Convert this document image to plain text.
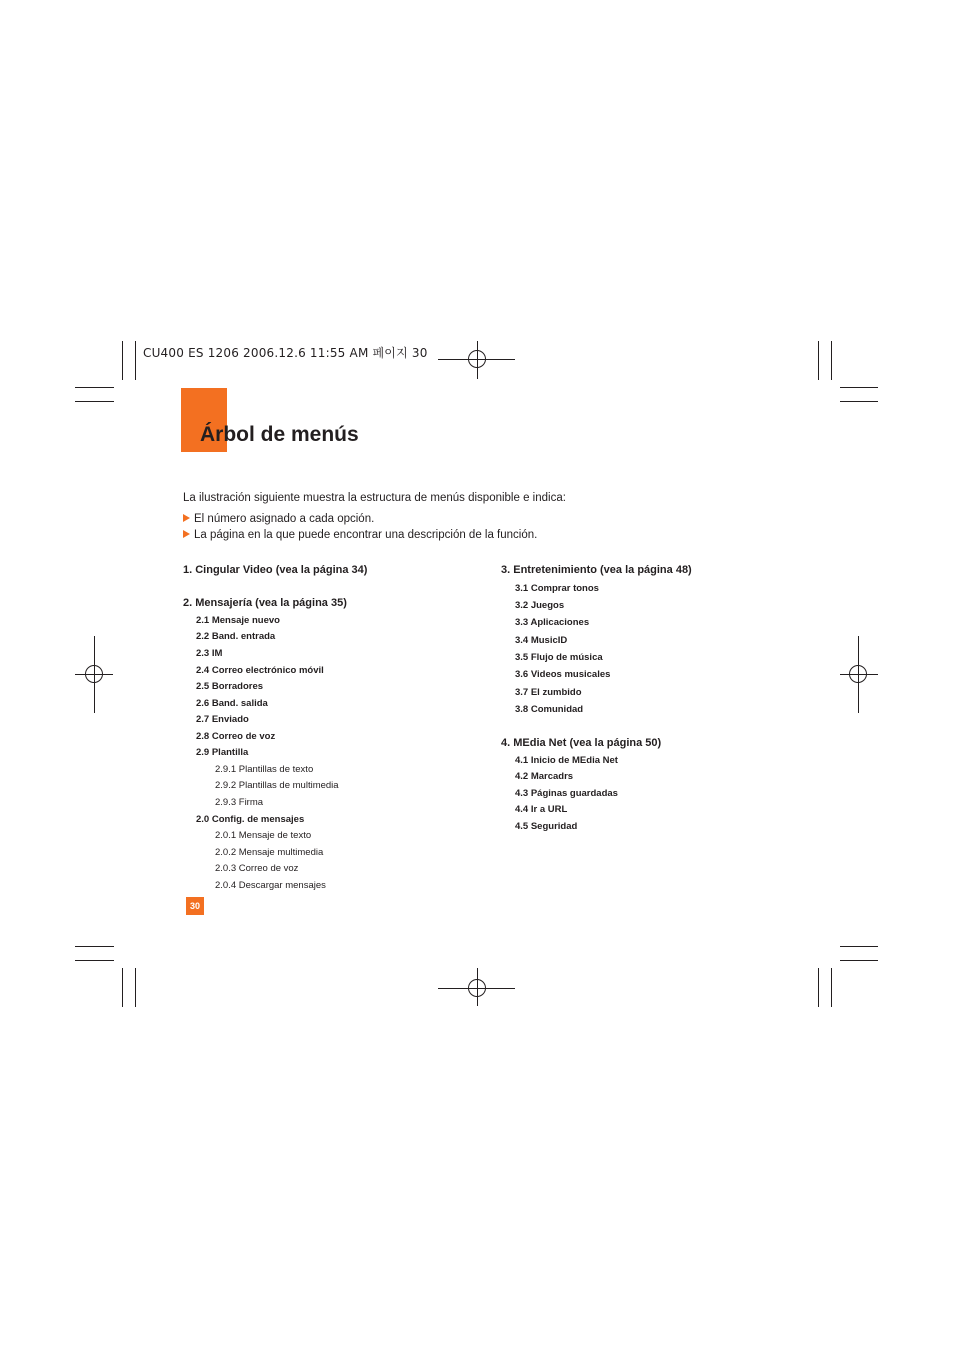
CU400 ES 1206 2006.12.6 11:55 AM 페이지 30
Árbol de menús
La ilustración siguiente muestra la estructura de menús disponible e indica:
El número asignado a cada opción.
La página en la que puede encontrar una descripción de la función.
1. Cingular Video (vea la página 34)
2. Mensajería (vea la página 35)
2.1 Mensaje nuevo
2.2 Band. entrada
2.3 IM
2.4 Correo electrónico móvil
2.5 Borradores
2.6 Band. salida
2.7 Enviado
2.8 Correo de voz
2.9 Plantilla
2.9.1 Plantillas de texto
2.9.2 Plantillas de multimedia
2.9.3 Firma
2.0 Config. de mensajes
2.0.1 Mensaje de texto
2.0.2 Mensaje multimedia
2.0.3 Correo de voz
2.0.4 Descargar mensajes
3. Entretenimiento (vea la página 48)
3.1 Comprar tonos
3.2 Juegos
3.3 Aplicaciones
3.4 MusicID
3.5 Flujo de música
3.6 Videos musicales
3.7 El zumbido
3.8 Comunidad
4. MEdia Net (vea la página 50)
4.1 Inicio de MEdia Net
4.2 Marcadrs
4.3 Páginas guardadas
4.4 Ir a URL
4.5 Seguridad
30
